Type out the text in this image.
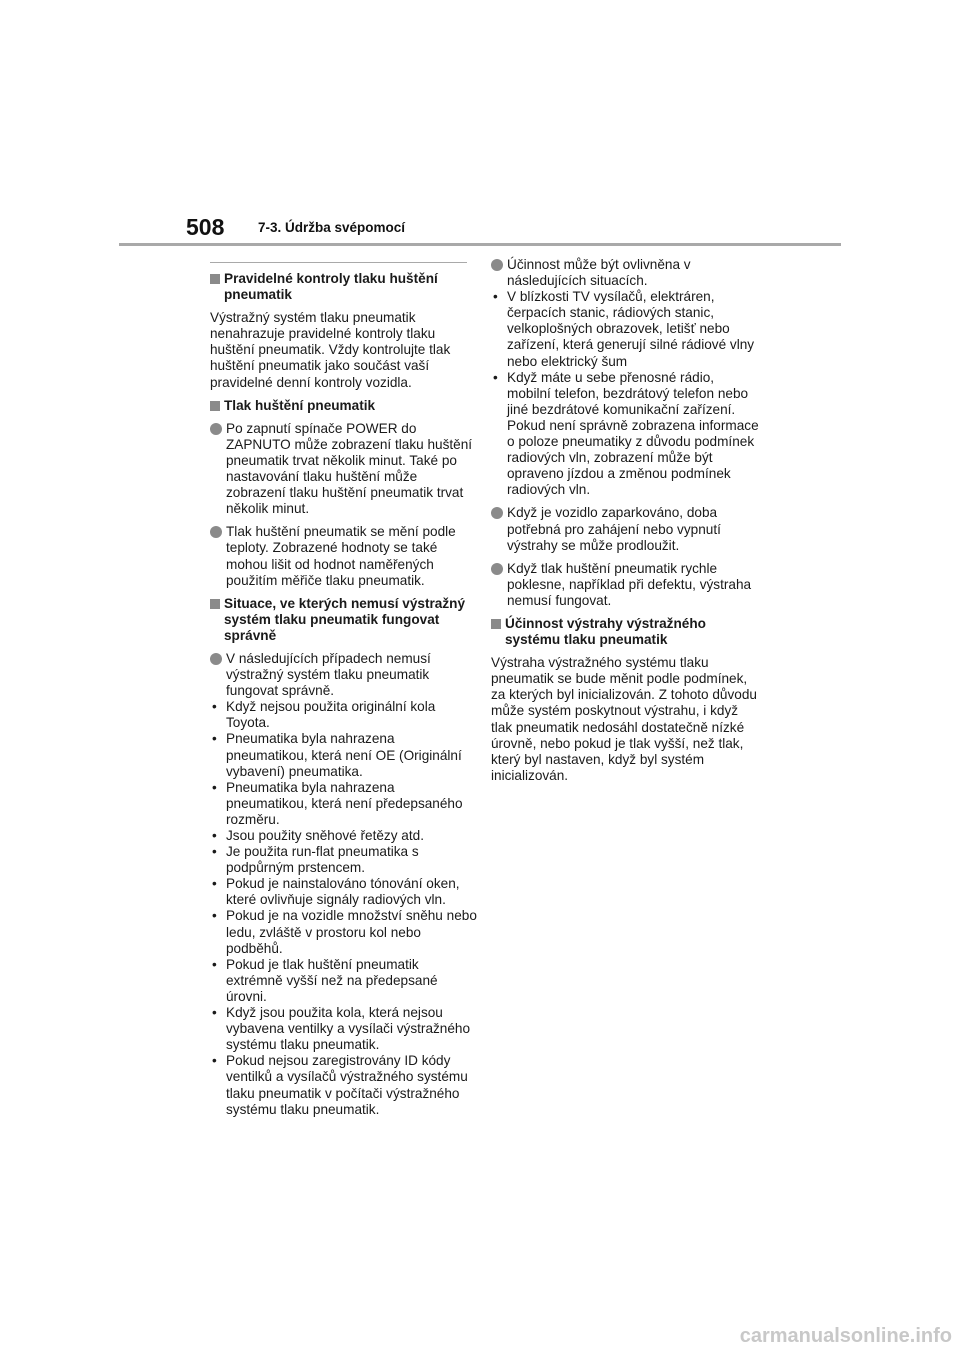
508 7-3. Údržba svépomocí
Pravidelné kontroly tlaku huštění pneumatik
Výstražný systém tlaku pneumatik nenahrazuje pravidelné kontroly tlaku huštění pneumatik. Vždy kontrolujte tlak huštění pneumatik jako součást vaší pravidelné denní kontroly vozidla.
Tlak huštění pneumatik
Po zapnutí spínače POWER do ZAPNUTO může zobrazení tlaku huštění pneumatik trvat několik minut. Také po nastavování tlaku huštění může zobrazení tlaku huštění pneumatik trvat několik minut.
Tlak huštění pneumatik se mění podle teploty. Zobrazené hodnoty se také mohou lišit od hodnot naměřených použitím měřiče tlaku pneumatik.
Situace, ve kterých nemusí výstražný systém tlaku pneumatik fungovat správně
V následujících případech nemusí výstražný systém tlaku pneumatik fungovat správně.
• Když nejsou použita originální kola Toyota.
• Pneumatika byla nahrazena pneumatikou, která není OE (Originální vybavení) pneumatika.
• Pneumatika byla nahrazena pneumatikou, která není předepsaného rozměru.
• Jsou použity sněhové řetězy atd.
• Je použita run-flat pneumatika s podpůrným prstencem.
• Pokud je nainstalováno tónování oken, které ovlivňuje signály radiových vln.
• Pokud je na vozidle množství sněhu nebo ledu, zvláště v prostoru kol nebo podběhů.
• Pokud je tlak huštění pneumatik extrémně vyšší než na předepsané úrovni.
• Když jsou použita kola, která nejsou vybavena ventilky a vysílači výstražného systému tlaku pneumatik.
• Pokud nejsou zaregistrovány ID kódy ventilků a vysílačů výstražného systému tlaku pneumatik v počítači výstražného systému tlaku pneumatik.
Účinnost může být ovlivněna v následujících situacích.
• V blízkosti TV vysílačů, elektráren, čerpacích stanic, rádiových stanic, velkoplošných obrazovek, letišť nebo zařízení, která generují silné rádiové vlny nebo elektrický šum
• Když máte u sebe přenosné rádio, mobilní telefon, bezdrátový telefon nebo jiné bezdrátové komunikační zařízení.
Pokud není správně zobrazena informace o poloze pneumatiky z důvodu podmínek radiových vln, zobrazení může být opraveno jízdou a změnou podmínek radiových vln.
Když je vozidlo zaparkováno, doba potřebná pro zahájení nebo vypnutí výstrahy se může prodloužit.
Když tlak huštění pneumatik rychle poklesne, například při defektu, výstraha nemusí fungovat.
Účinnost výstrahy výstražného systému tlaku pneumatik
Výstraha výstražného systému tlaku pneumatik se bude měnit podle podmínek, za kterých byl inicializován. Z tohoto důvodu může systém poskytnout výstrahu, i když tlak pneumatik nedosáhl dostatečně nízké úrovně, nebo pokud je tlak vyšší, než tlak, který byl nastaven, když byl systém inicializován.
carmanualsonline.info
